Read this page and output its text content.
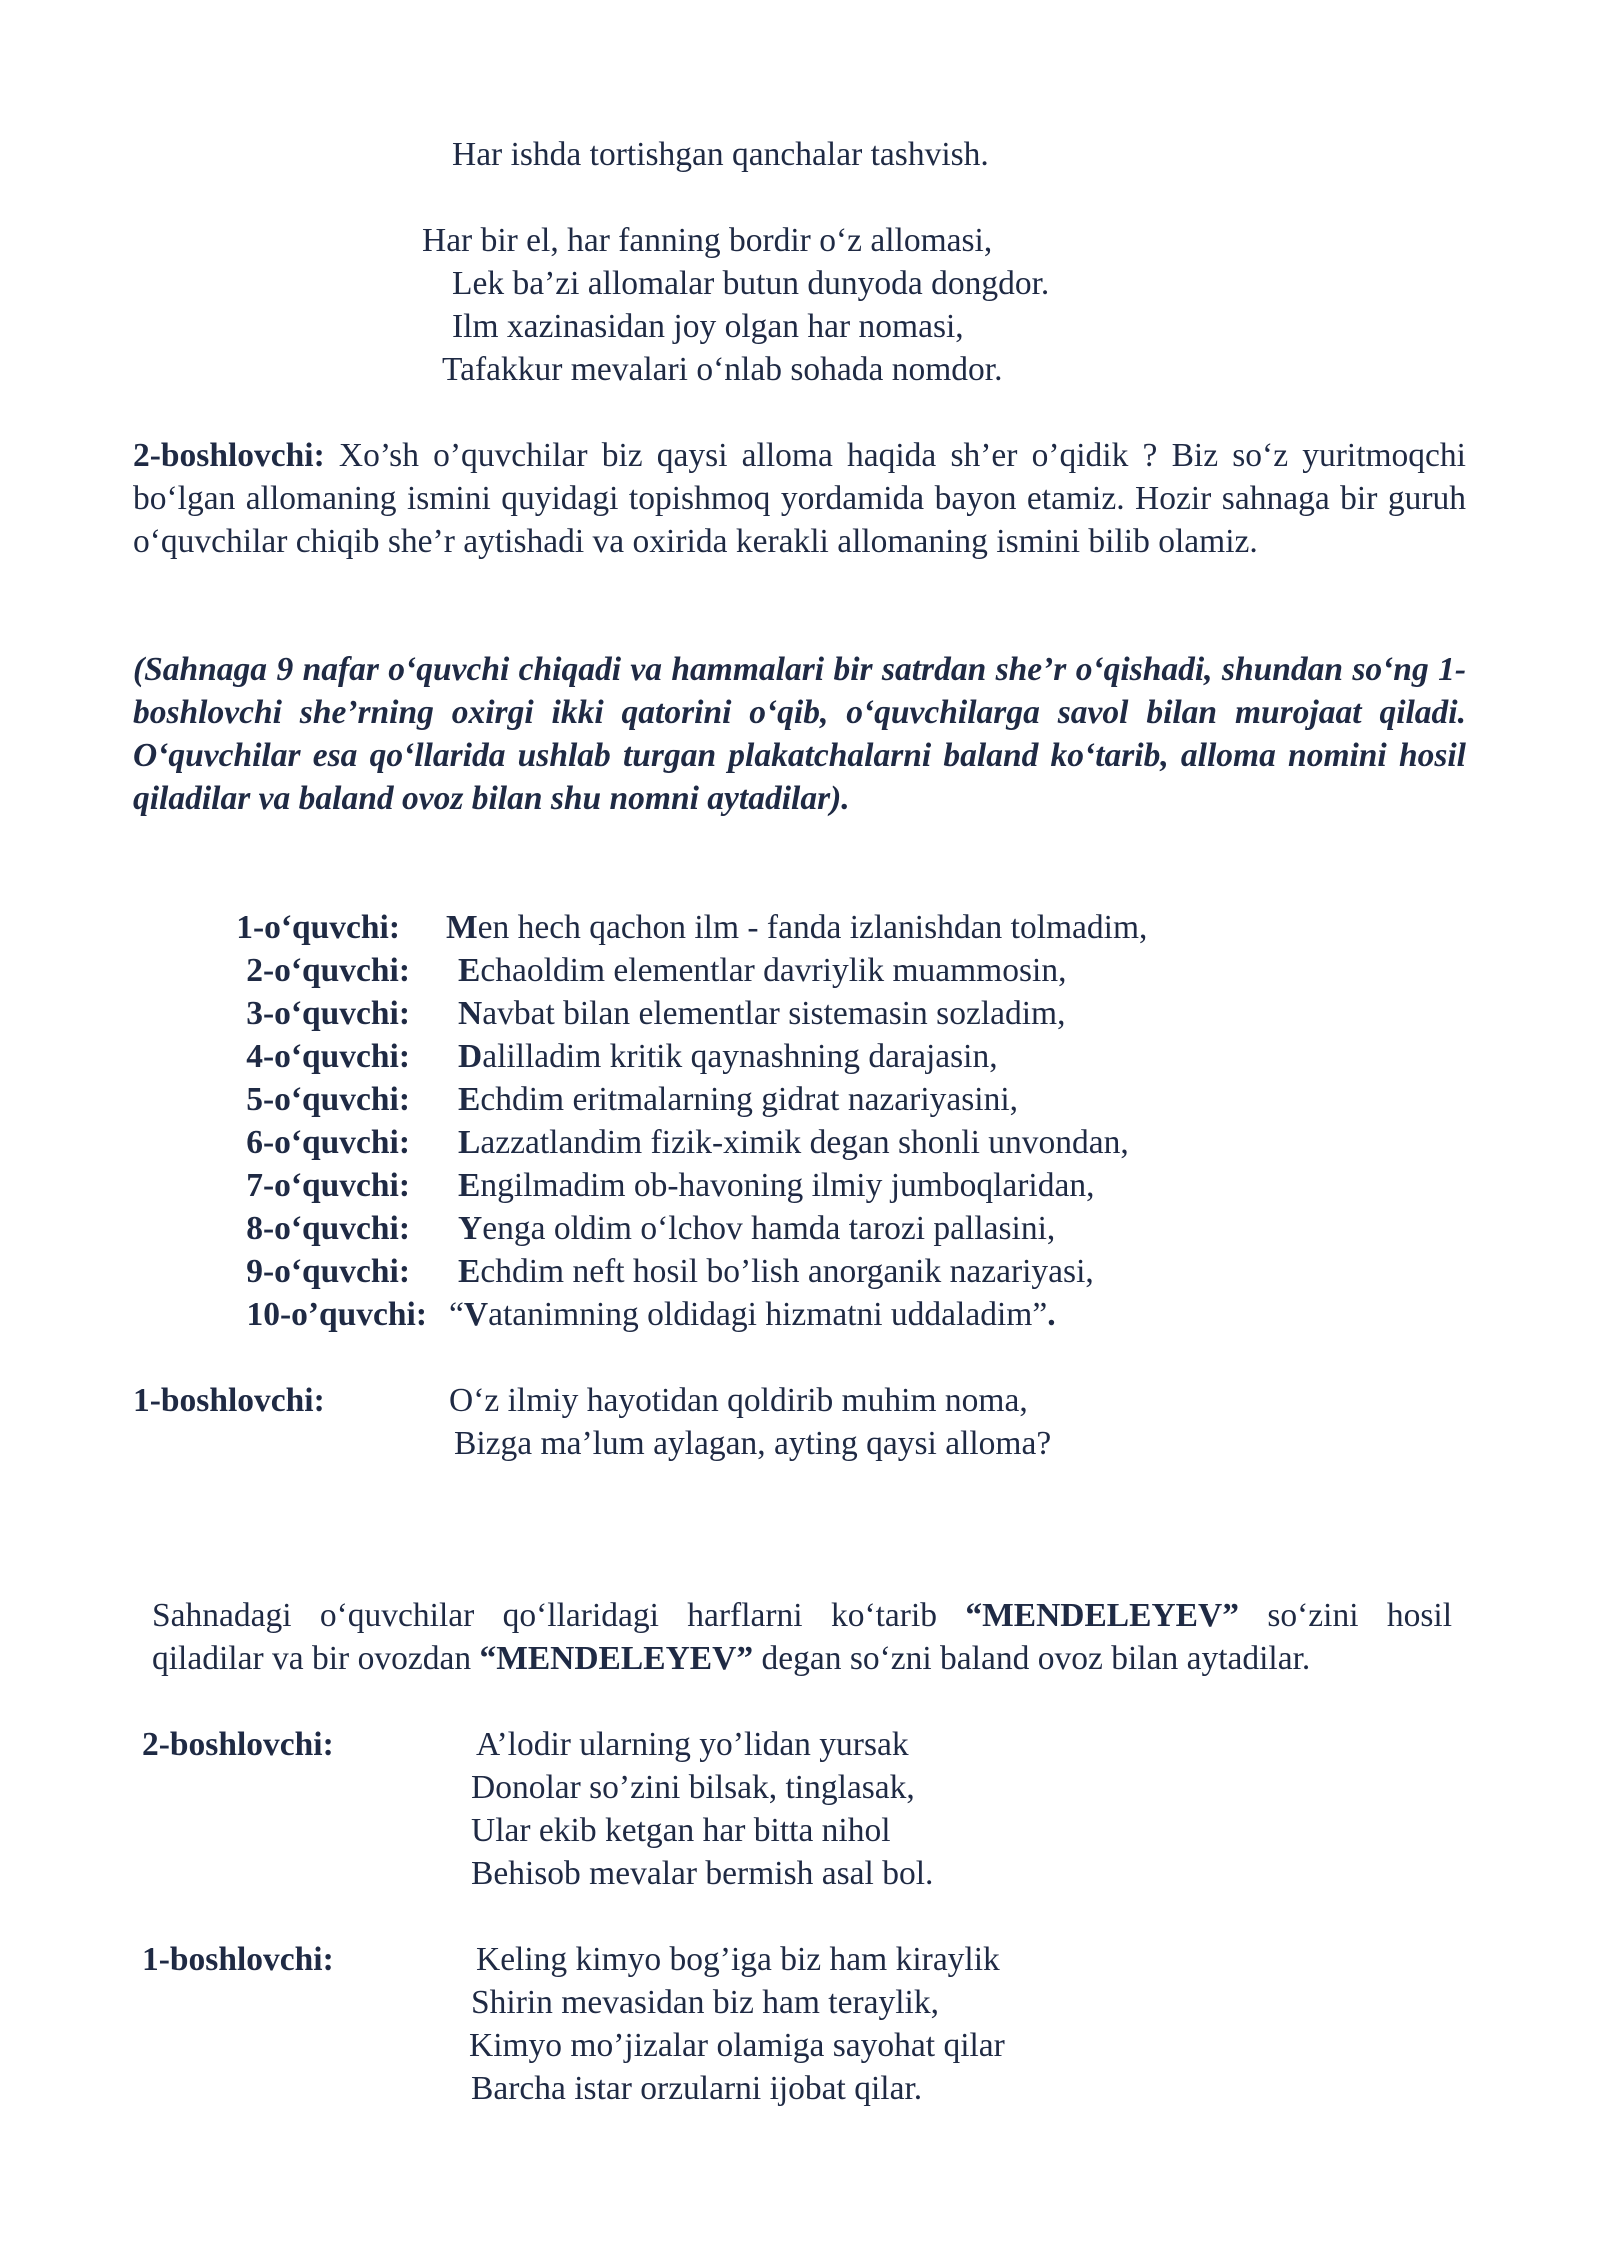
Har ishda tortishgan qanchalar tashvish.
Har bir el, har fanning bordir o‘z allomasi,
Lek ba’zi allomalar butun dunyoda dongdor.
Ilm xazinasidan joy olgan har nomasi,
Tafakkur mevalari o‘nlab sohada nomdor.

2-boshlovchi: Xo’sh o’quvchilar biz qaysi alloma haqida sh’er o’qidik ? Biz so‘z yuritmoqchi bo‘lgan allomaning ismini quyidagi topishmoq yordamida bayon etamiz. Hozir sahnaga bir guruh o‘quvchilar chiqib she’r aytishadi va oxirida kerakli allomaning ismini bilib olamiz.

(Sahnaga 9 nafar o‘quvchi chiqadi va hammalari bir satrdan she’r o‘qishadi, shundan so‘ng 1-boshlovchi she’rning oxirgi ikki qatorini o‘qib, o‘quvchilarga savol bilan murojaat qiladi. O‘quvchilar esa qo‘llarida ushlab turgan plakatchalarni baland ko‘tarib, alloma nomini hosil qiladilar va baland ovoz bilan shu nomni aytadilar).

1-o‘quvchi: Men hech qachon ilm - fanda izlanishdan tolmadim,
2-o‘quvchi: Echaoldim elementlar davriylik muammosin,
3-o‘quvchi: Navbat bilan elementlar sistemasin sozladim,
4-o‘quvchi: Dalilladim kritik qaynashning darajasin,
5-o‘quvchi: Echdim eritmalarning gidrat nazariyasini,
6-o‘quvchi: Lazzatlandim fizik-ximik degan shonli unvondan,
7-o‘quvchi: Engilmadim ob-havoning ilmiy jumboqlaridan,
8-o‘quvchi: Yenga oldim o‘lchov hamda tarozi pallasini,
9-o‘quvchi: Echdim neft hosil bo’lish anorganik nazariyasi,
10-o’quvchi: “Vatanimning oldidagi hizmatni uddaladim”.
1-boshlovchi:	O‘z ilmiy hayotidan qoldirib muhim noma,
Bizga ma’lum aylagan, ayting qaysi alloma?
Sahnadagi o‘quvchilar qo‘llaridagi harflarni ko‘tarib “MENDELEYEV” so‘zini hosil
qiladilar va bir ovozdan “MENDELEYEV” degan so‘zni baland ovoz bilan aytadilar.
2-boshlovchi:	A’lodir ularning yo’lidan yursak
Donolar so’zini bilsak, tinglasak,
Ular ekib ketgan har bitta nihol
Behisob mevalar bermish asal bol.
1-boshlovchi:	Keling kimyo bog’iga biz ham kiraylik
Shirin mevasidan biz ham teraylik,
Kimyo mo’jizalar olamiga sayohat qilar
Barcha istar orzularni ijobat qilar.
